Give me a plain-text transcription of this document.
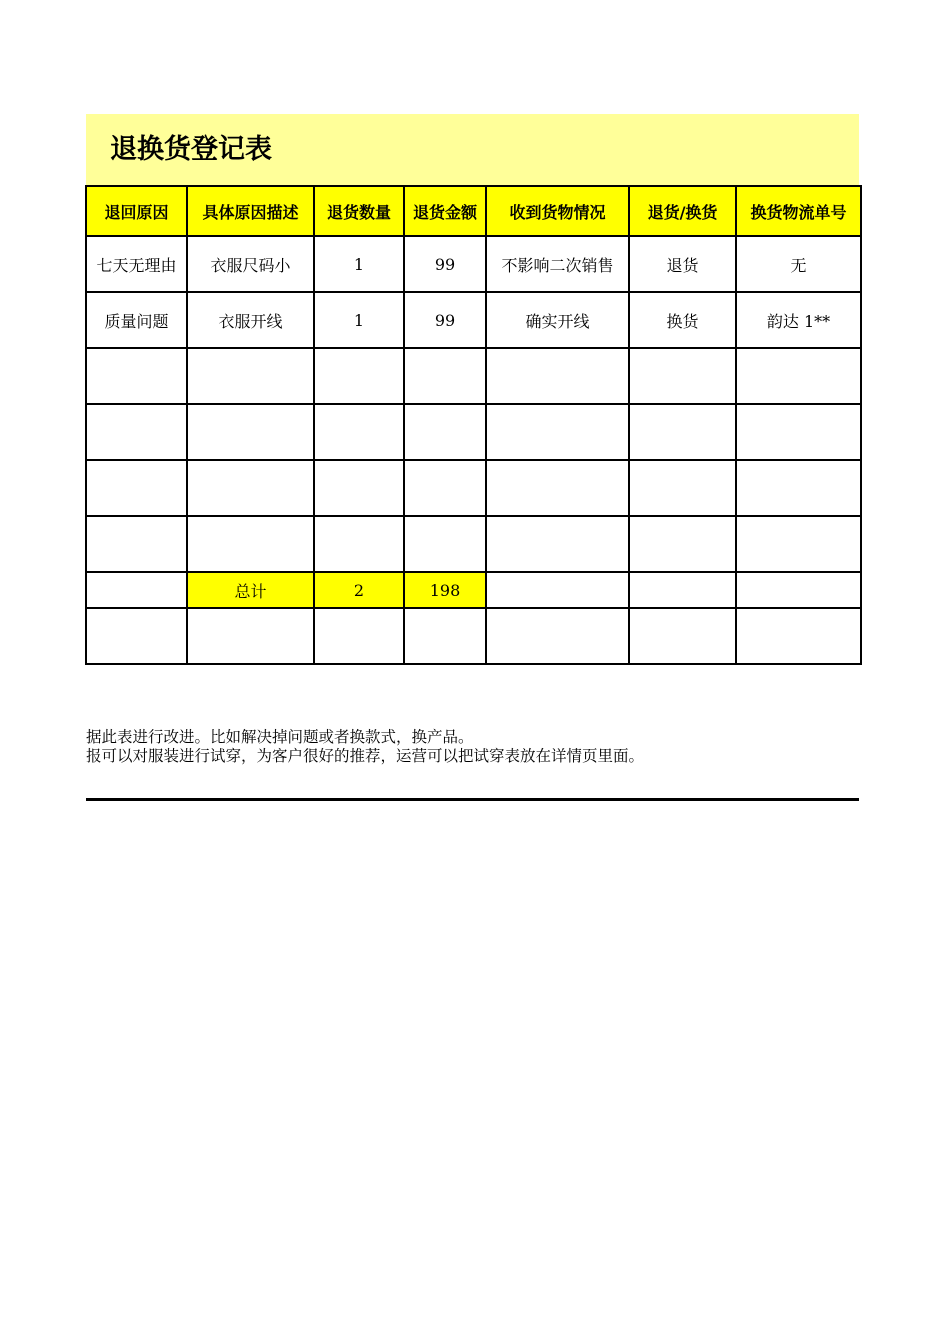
退换货登记表
退回原因	具体原因描述	退货数量	退货金额	收到货物情况	退货/换货	换货物流单号
七天无理由	衣服尺码小	1	99	不影响二次销售	退货	无
质量问题	衣服开线	1	99	确实开线	换货	韵达 1**

	总计	2	198			

据此表进行改进。比如解决掉问题或者换款式，换产品。
报可以对服装进行试穿，为客户很好的推荐，运营可以把试穿表放在详情页里面。
